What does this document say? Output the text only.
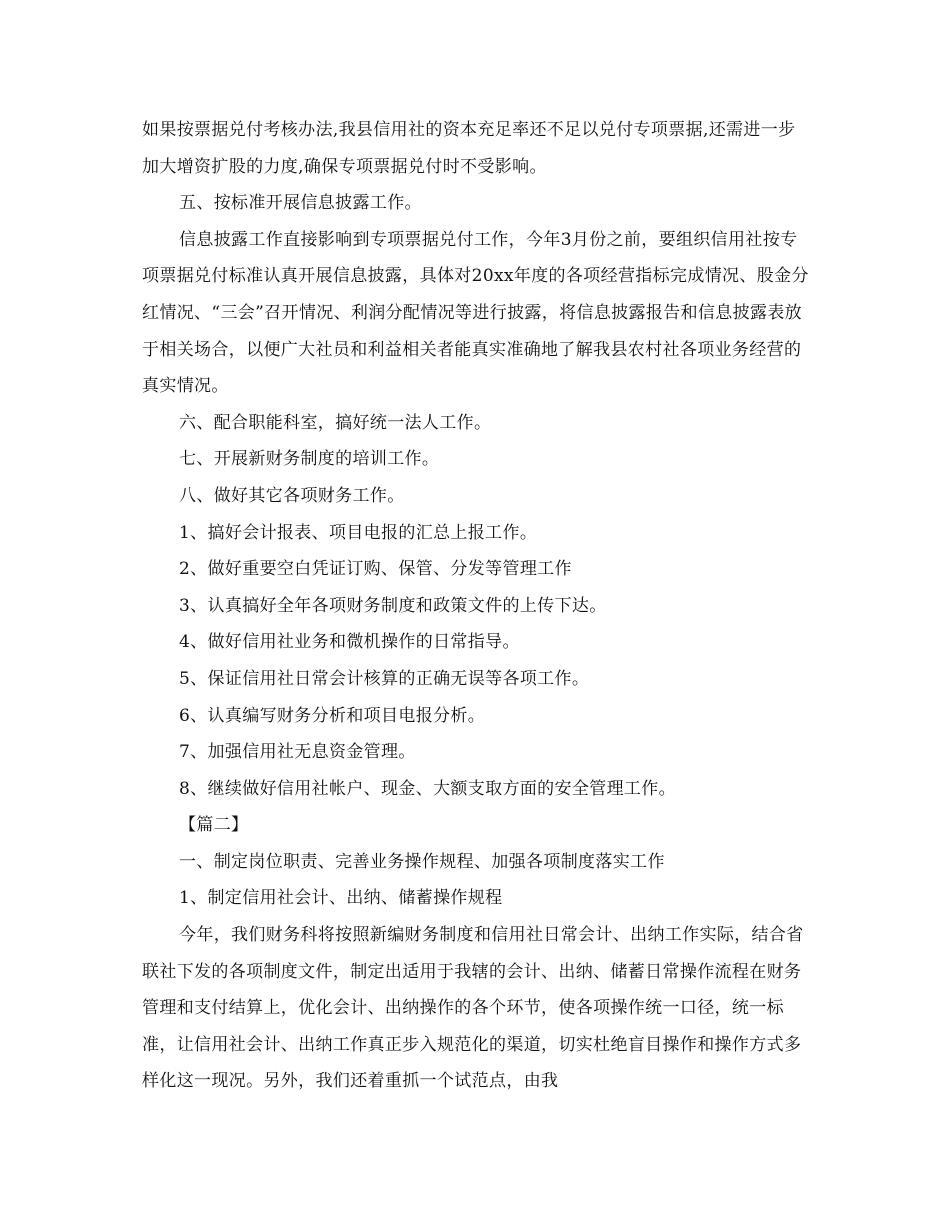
如果按票据兑付考核办法,我县信用社的资本充足率还不足以兑付专项票据,还需进一步加大增资扩股的力度,确保专项票据兑付时不受影响。

五、按标准开展信息披露工作。

信息披露工作直接影响到专项票据兑付工作，今年3月份之前，要组织信用社按专项票据兑付标准认真开展信息披露，具体对20xx年度的各项经营指标完成情况、股金分红情况、“三会”召开情况、利润分配情况等进行披露，将信息披露报告和信息披露表放于相关场合，以便广大社员和利益相关者能真实准确地了解我县农村社各项业务经营的真实情况。

六、配合职能科室，搞好统一法人工作。

七、开展新财务制度的培训工作。

八、做好其它各项财务工作。

1、搞好会计报表、项目电报的汇总上报工作。

2、做好重要空白凭证订购、保管、分发等管理工作

3、认真搞好全年各项财务制度和政策文件的上传下达。

4、做好信用社业务和微机操作的日常指导。

5、保证信用社日常会计核算的正确无误等各项工作。

6、认真编写财务分析和项目电报分析。

7、加强信用社无息资金管理。

8、继续做好信用社帐户、现金、大额支取方面的安全管理工作。

【篇二】

一、制定岗位职责、完善业务操作规程、加强各项制度落实工作

1、制定信用社会计、出纳、储蓄操作规程

今年，我们财务科将按照新编财务制度和信用社日常会计、出纳工作实际，结合省联社下发的各项制度文件，制定出适用于我辖的会计、出纳、储蓄日常操作流程在财务管理和支付结算上，优化会计、出纳操作的各个环节，使各项操作统一口径，统一标准，让信用社会计、出纳工作真正步入规范化的渠道，切实杜绝盲目操作和操作方式多样化这一现况。另外，我们还着重抓一个试范点，由我
